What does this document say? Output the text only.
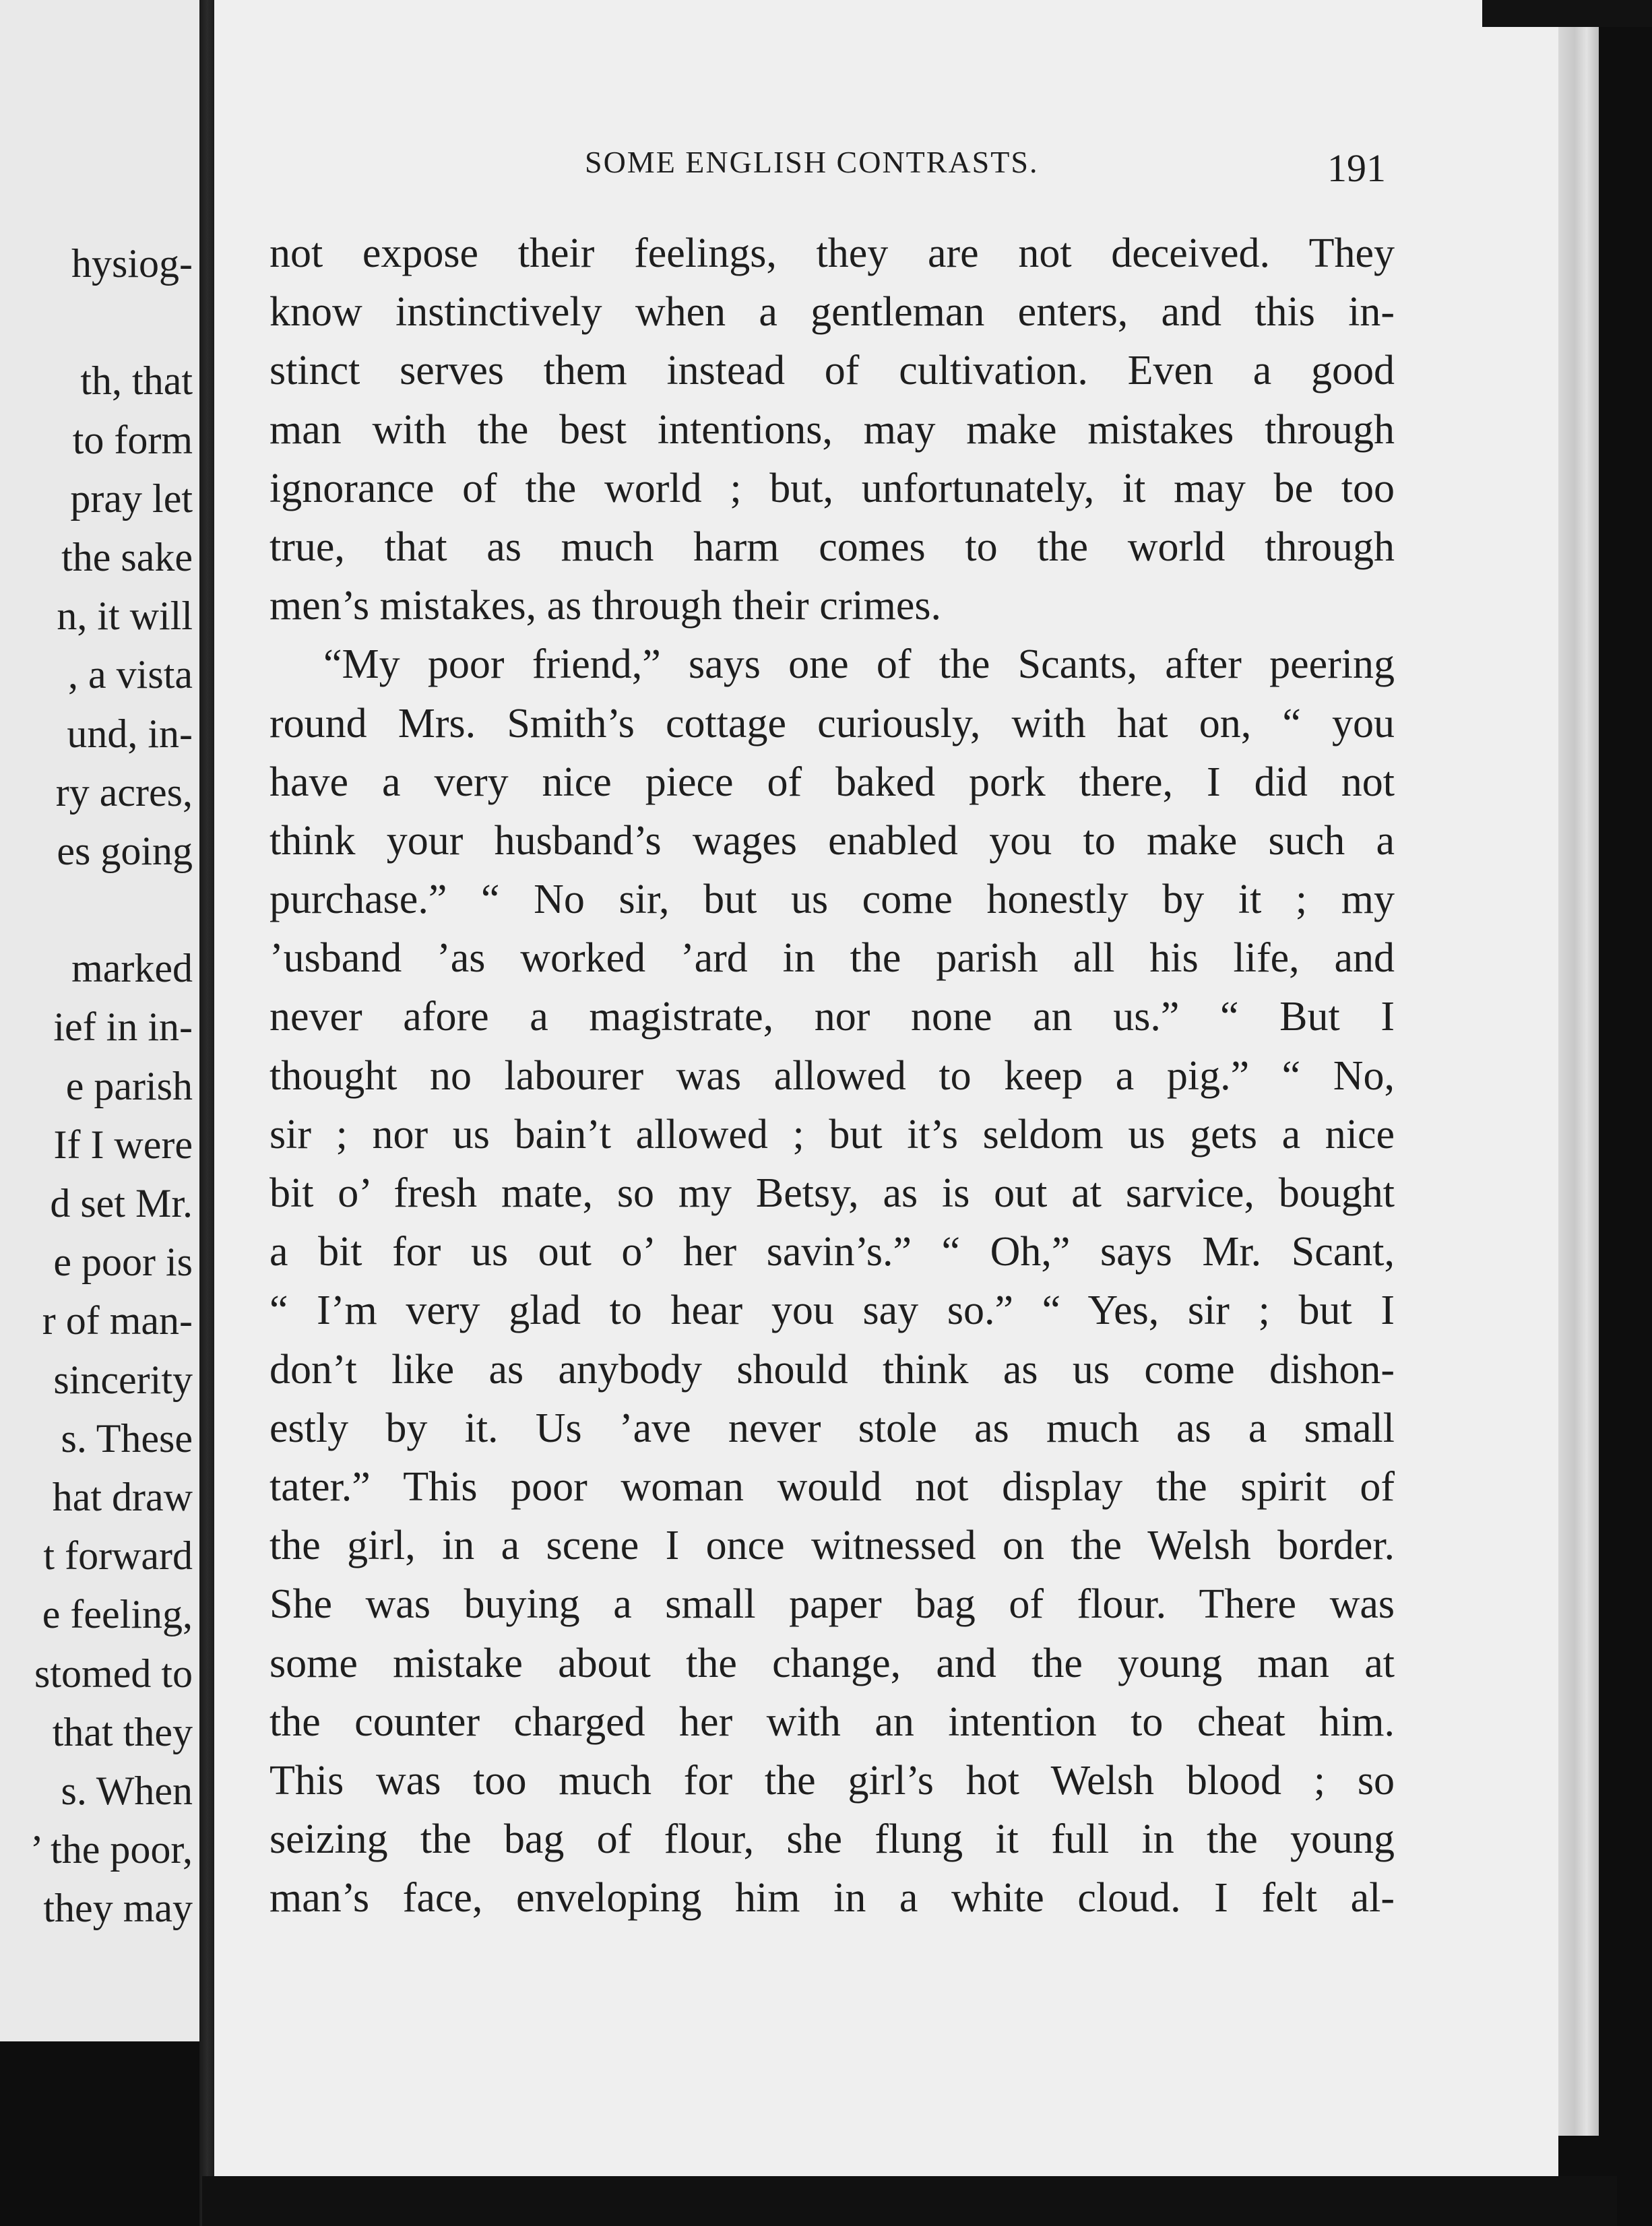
hysiog-
th, that
to form
pray let
the sake
n, it will
, a vista
und, in-
ry acres,
es going
marked
ief in in-
e parish
If I were
d set Mr.
e poor is
r of man-
sincerity
s. These
hat draw
t forward
e feeling,
stomed to
that they
s. When
’ the poor,
they may
SOME ENGLISH CONTRASTS.	191
not expose their feelings, they are not deceived. They
know instinctively when a gentleman enters, and this in-
stinct serves them instead of cultivation. Even a good
man with the best intentions, may make mistakes through
ignorance of the world ; but, unfortunately, it may be too
true, that as much harm comes to the world through
men’s mistakes, as through their crimes.
“My poor friend,” says one of the Scants, after peering
round Mrs. Smith’s cottage curiously, with hat on, “ you
have a very nice piece of baked pork there, I did not
think your husband’s wages enabled you to make such a
purchase.” “ No sir, but us come honestly by it ; my
’usband ’as worked ’ard in the parish all his life, and
never afore a magistrate, nor none an us.” “ But I
thought no labourer was allowed to keep a pig.” “ No,
sir ; nor us bain’t allowed ; but it’s seldom us gets a nice
bit o’ fresh mate, so my Betsy, as is out at sarvice, bought
a bit for us out o’ her savin’s.” “ Oh,” says Mr. Scant,
“ I’m very glad to hear you say so.” “ Yes, sir ; but I
don’t like as anybody should think as us come dishon-
estly by it. Us ’ave never stole as much as a small
tater.” This poor woman would not display the spirit of
the girl, in a scene I once witnessed on the Welsh border.
She was buying a small paper bag of flour. There was
some mistake about the change, and the young man at
the counter charged her with an intention to cheat him.
This was too much for the girl’s hot Welsh blood ; so
seizing the bag of flour, she flung it full in the young
man’s face, enveloping him in a white cloud. I felt al-
